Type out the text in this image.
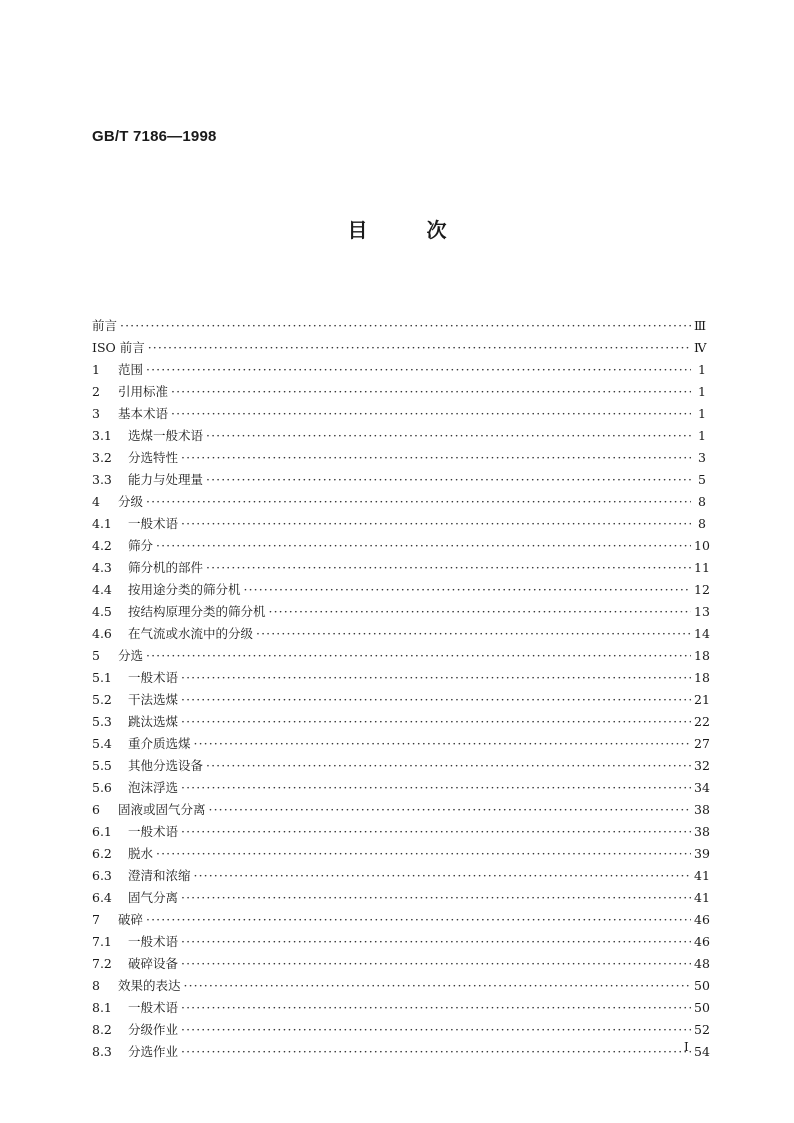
GB/T 7186—1998
目 次
前言 ·····	Ⅲ
ISO 前言 ·····	Ⅳ
1	范围 ·····	1
2	引用标准 ·····	1
3	基本术语 ·····	1
3.1	选煤一般术语 ·····	1
3.2	分选特性 ·····	3
3.3	能力与处理量 ·····	5
4	分级 ·····	8
4.1	一般术语 ·····	8
4.2	筛分 ·····	10
4.3	筛分机的部件 ·····	11
4.4	按用途分类的筛分机 ·····	12
4.5	按结构原理分类的筛分机 ·····	13
4.6	在气流或水流中的分级 ·····	14
5	分选 ·····	18
5.1	一般术语 ·····	18
5.2	干法选煤 ·····	21
5.3	跳汰选煤 ·····	22
5.4	重介质选煤 ·····	27
5.5	其他分选设备 ·····	32
5.6	泡沫浮选 ·····	34
6	固液或固气分离 ·····	38
6.1	一般术语 ·····	38
6.2	脱水 ·····	39
6.3	澄清和浓缩 ·····	41
6.4	固气分离 ·····	41
7	破碎 ·····	46
7.1	一般术语 ·····	46
7.2	破碎设备 ·····	48
8	效果的表达 ·····	50
8.1	一般术语 ·····	50
8.2	分级作业 ·····	52
8.3	分选作业 ·····	54
I
